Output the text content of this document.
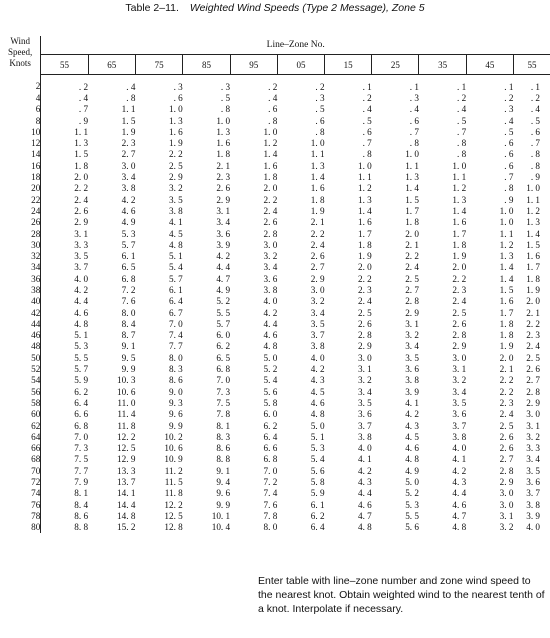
Table 2–11. Weighted Wind Speeds (Type 2 Message), Zone 5
Wind
Speed,
Knots	Line–Zone No.										
	55	65	75	85	95	05	15	25	35	45	55
2	. 2	. 4	. 3	. 3	. 2	. 2	. 1	. 1	. 1	. 1	. 1
4	. 4	. 8	. 6	. 5	. 4	. 3	. 2	. 3	. 2	. 2	. 2
6	. 7	1. 1	1. 0	. 8	. 6	. 5	. 4	. 4	. 4	. 3	. 4
8	. 9	1. 5	1. 3	1. 0	. 8	. 6	. 5	. 6	. 5	. 4	. 5
10	1. 1	1. 9	1. 6	1. 3	1. 0	. 8	. 6	. 7	. 7	. 5	. 6
12	1. 3	2. 3	1. 9	1. 6	1. 2	1. 0	. 7	. 8	. 8	. 6	. 7
14	1. 5	2. 7	2. 2	1. 8	1. 4	1. 1	. 8	1. 0	. 8	. 6	. 8
16	1. 8	3. 0	2. 5	2. 1	1. 6	1. 3	1. 0	1. 1	1. 0	. 6	. 8
18	2. 0	3. 4	2. 9	2. 3	1. 8	1. 4	1. 1	1. 3	1. 1	. 7	. 9
20	2. 2	3. 8	3. 2	2. 6	2. 0	1. 6	1. 2	1. 4	1. 2	. 8	1. 0
22	2. 4	4. 2	3. 5	2. 9	2. 2	1. 8	1. 3	1. 5	1. 3	. 9	1. 1
24	2. 6	4. 6	3. 8	3. 1	2. 4	1. 9	1. 4	1. 7	1. 4	1. 0	1. 2
26	2. 9	4. 9	4. 1	3. 4	2. 6	2. 1	1. 6	1. 8	1. 6	1. 0	1. 3
28	3. 1	5. 3	4. 5	3. 6	2. 8	2. 2	1. 7	2. 0	1. 7	1. 1	1. 4
30	3. 3	5. 7	4. 8	3. 9	3. 0	2. 4	1. 8	2. 1	1. 8	1. 2	1. 5
32	3. 5	6. 1	5. 1	4. 2	3. 2	2. 6	1. 9	2. 2	1. 9	1. 3	1. 6
34	3. 7	6. 5	5. 4	4. 4	3. 4	2. 7	2. 0	2. 4	2. 0	1. 4	1. 7
36	4. 0	6. 8	5. 7	4. 7	3. 6	2. 9	2. 2	2. 5	2. 2	1. 4	1. 8
38	4. 2	7. 2	6. 1	4. 9	3. 8	3. 0	2. 3	2. 7	2. 3	1. 5	1. 9
40	4. 4	7. 6	6. 4	5. 2	4. 0	3. 2	2. 4	2. 8	2. 4	1. 6	2. 0
42	4. 6	8. 0	6. 7	5. 5	4. 2	3. 4	2. 5	2. 9	2. 5	1. 7	2. 1
44	4. 8	8. 4	7. 0	5. 7	4. 4	3. 5	2. 6	3. 1	2. 6	1. 8	2. 2
46	5. 1	8. 7	7. 4	6. 0	4. 6	3. 7	2. 8	3. 2	2. 8	1. 8	2. 3
48	5. 3	9. 1	7. 7	6. 2	4. 8	3. 8	2. 9	3. 4	2. 9	1. 9	2. 4
50	5. 5	9. 5	8. 0	6. 5	5. 0	4. 0	3. 0	3. 5	3. 0	2. 0	2. 5
52	5. 7	9. 9	8. 3	6. 8	5. 2	4. 2	3. 1	3. 6	3. 1	2. 1	2. 6
54	5. 9	10. 3	8. 6	7. 0	5. 4	4. 3	3. 2	3. 8	3. 2	2. 2	2. 7
56	6. 2	10. 6	9. 0	7. 3	5. 6	4. 5	3. 4	3. 9	3. 4	2. 2	2. 8
58	6. 4	11. 0	9. 3	7. 5	5. 8	4. 6	3. 5	4. 1	3. 5	2. 3	2. 9
60	6. 6	11. 4	9. 6	7. 8	6. 0	4. 8	3. 6	4. 2	3. 6	2. 4	3. 0
62	6. 8	11. 8	9. 9	8. 1	6. 2	5. 0	3. 7	4. 3	3. 7	2. 5	3. 1
64	7. 0	12. 2	10. 2	8. 3	6. 4	5. 1	3. 8	4. 5	3. 8	2. 6	3. 2
66	7. 3	12. 5	10. 6	8. 6	6. 6	5. 3	4. 0	4. 6	4. 0	2. 6	3. 3
68	7. 5	12. 9	10. 9	8. 8	6. 8	5. 4	4. 1	4. 8	4. 1	2. 7	3. 4
70	7. 7	13. 3	11. 2	9. 1	7. 0	5. 6	4. 2	4. 9	4. 2	2. 8	3. 5
72	7. 9	13. 7	11. 5	9. 4	7. 2	5. 8	4. 3	5. 0	4. 3	2. 9	3. 6
74	8. 1	14. 1	11. 8	9. 6	7. 4	5. 9	4. 4	5. 2	4. 4	3. 0	3. 7
76	8. 4	14. 4	12. 2	9. 9	7. 6	6. 1	4. 6	5. 3	4. 6	3. 0	3. 8
78	8. 6	14. 8	12. 5	10. 1	7. 8	6. 2	4. 7	5. 5	4. 7	3. 1	3. 9
80	8. 8	15. 2	12. 8	10. 4	8. 0	6. 4	4. 8	5. 6	4. 8	3. 2	4. 0
Enter table with line–zone number and zone wind speed to the nearest knot. Obtain weighted wind to the nearest tenth of a knot. Interpolate if necessary.
